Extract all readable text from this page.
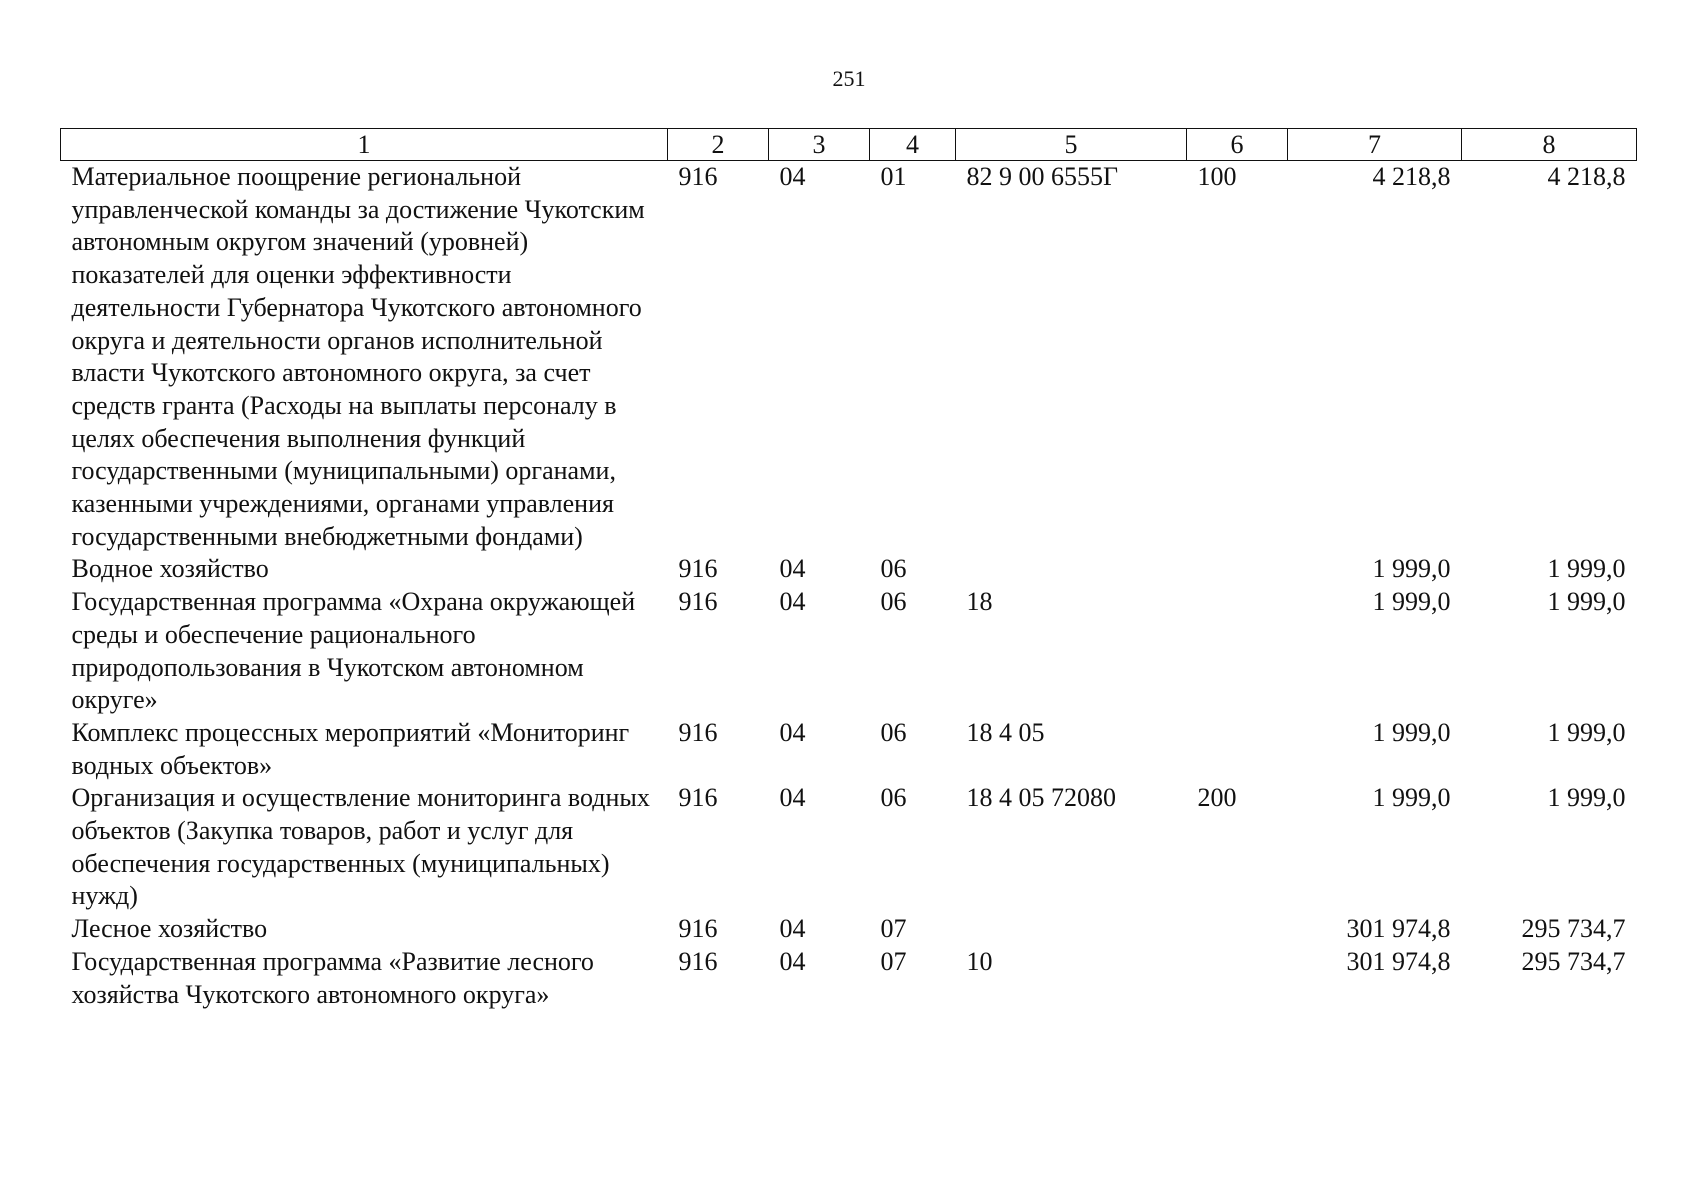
251
1	2	3	4	5	6	7	8
Материальное поощрение региональной управленческой команды за достижение Чукотским автономным округом значений (уровней) показателей для оценки эффективности деятельности Губернатора Чукотского автономного округа и деятельности органов исполнительной власти Чукотского автономного округа, за счет средств гранта (Расходы на выплаты персоналу в целях обеспечения выполнения функций государственными (муниципальными) органами, казенными учреждениями, органами управления государственными внебюджетными фондами)	916	04	01	82 9 00 6555Г	100	4 218,8	4 218,8
Водное хозяйство	916	04	06			1 999,0	1 999,0
Государственная программа «Охрана окружающей среды и обеспечение рационального природопользования в Чукотском автономном округе»	916	04	06	18		1 999,0	1 999,0
Комплекс процессных мероприятий «Мониторинг водных объектов»	916	04	06	18 4 05		1 999,0	1 999,0
Организация и осуществление мониторинга водных объектов (Закупка товаров, работ и услуг для обеспечения государственных (муниципальных) нужд)	916	04	06	18 4 05 72080	200	1 999,0	1 999,0
Лесное хозяйство	916	04	07			301 974,8	295 734,7
Государственная программа «Развитие лесного хозяйства Чукотского автономного округа»	916	04	07	10		301 974,8	295 734,7
